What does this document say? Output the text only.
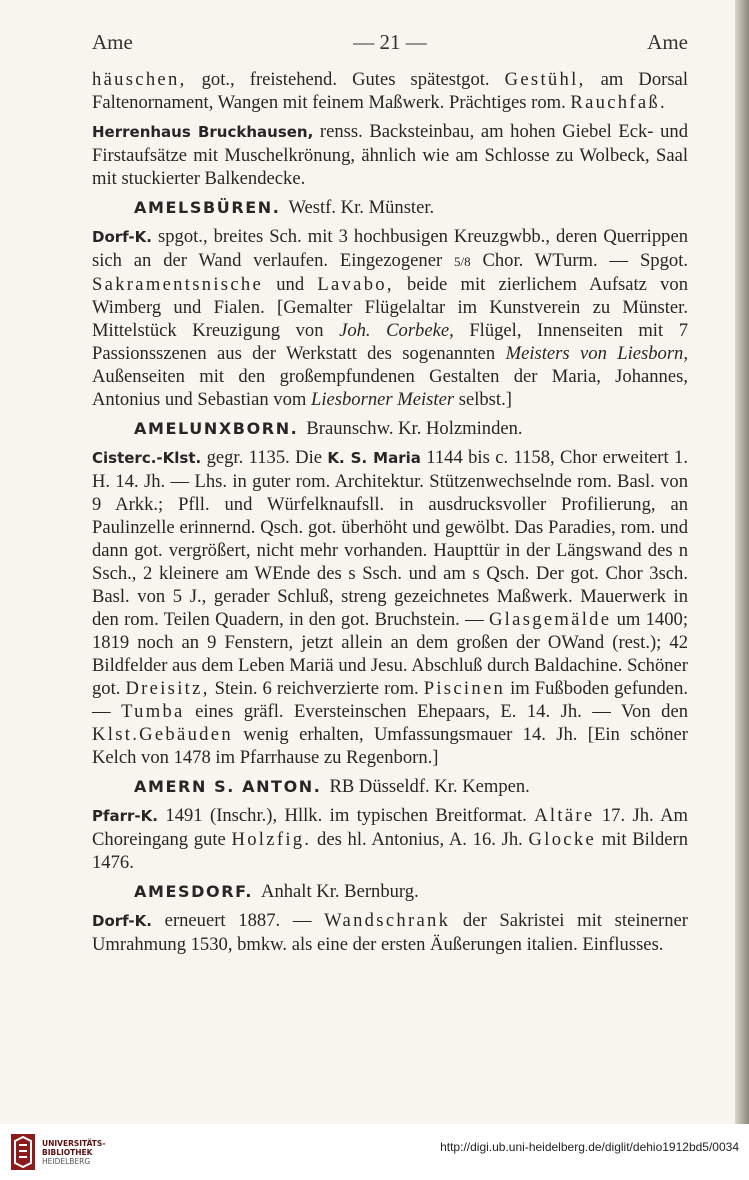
Ame	— 21 —	Ame

häuschen, got., freistehend. Gutes spätestgot. Gestühl, am Dorsal Faltenornament, Wangen mit feinem Maßwerk. Prächtiges rom. Rauchfaß.

Herrenhaus Bruckhausen, renss. Backsteinbau, am hohen Giebel Eck- und Firstaufsätze mit Muschelkrönung, ähnlich wie am Schlosse zu Wolbeck, Saal mit stuckierter Balkendecke.

AMELSBÜREN. Westf. Kr. Münster.

Dorf-K. spgot., breites Sch. mit 3 hochbusigen Kreuzgwbb., deren Querrippen sich an der Wand verlaufen. Eingezogener 5/8 Chor. WTurm. — Spgot. Sakramentsnische und Lavabo, beide mit zierlichem Aufsatz von Wimberg und Fialen. [Gemalter Flügelaltar im Kunstverein zu Münster. Mittelstück Kreuzigung von Joh. Corbeke, Flügel, Innenseiten mit 7 Passionsszenen aus der Werkstatt des sogenannten Meisters von Liesborn, Außenseiten mit den großempfundenen Gestalten der Maria, Johannes, Antonius und Sebastian vom Liesborner Meister selbst.]

AMELUNXBORN. Braunschw. Kr. Holzminden.

Cisterc.-Klst. gegr. 1135. Die K. S. Maria 1144 bis c. 1158, Chor erweitert 1. H. 14. Jh. — Lhs. in guter rom. Architektur. Stützenwechselnde rom. Basl. von 9 Arkk.; Pfll. und Würfelknaufsll. in ausdrucksvoller Profilierung, an Paulinzelle erinnernd. Qsch. got. überhöht und gewölbt. Das Paradies, rom. und dann got. vergrößert, nicht mehr vorhanden. Haupttür in der Längswand des n Ssch., 2 kleinere am WEnde des s Ssch. und am s Qsch. Der got. Chor 3sch. Basl. von 5 J., gerader Schluß, streng gezeichnetes Maßwerk. Mauerwerk in den rom. Teilen Quadern, in den got. Bruchstein. — Glasgemälde um 1400; 1819 noch an 9 Fenstern, jetzt allein an dem großen der OWand (rest.); 42 Bildfelder aus dem Leben Mariä und Jesu. Abschluß durch Baldachine. Schöner got. Dreisitz, Stein. 6 reichverzierte rom. Piscinen im Fußboden gefunden. — Tumba eines gräfl. Eversteinschen Ehepaars, E. 14. Jh. — Von den Klst.Gebäuden wenig erhalten, Umfassungsmauer 14. Jh. [Ein schöner Kelch von 1478 im Pfarrhause zu Regenborn.]

AMERN S. ANTON. RB Düsseldf. Kr. Kempen.

Pfarr-K. 1491 (Inschr.), Hllk. im typischen Breitformat. Altäre 17. Jh. Am Choreingang gute Holzfig. des hl. Antonius, A. 16. Jh. Glocke mit Bildern 1476.

AMESDORF. Anhalt Kr. Bernburg.

Dorf-K. erneuert 1887. — Wandschrank der Sakristei mit steinerner Umrahmung 1530, bmkw. als eine der ersten Äußerungen italien. Einflusses.

UNIVERSITÄTS-
BIBLIOTHEK
HEIDELBERG
http://digi.ub.uni-heidelberg.de/diglit/dehio1912bd5/0034
